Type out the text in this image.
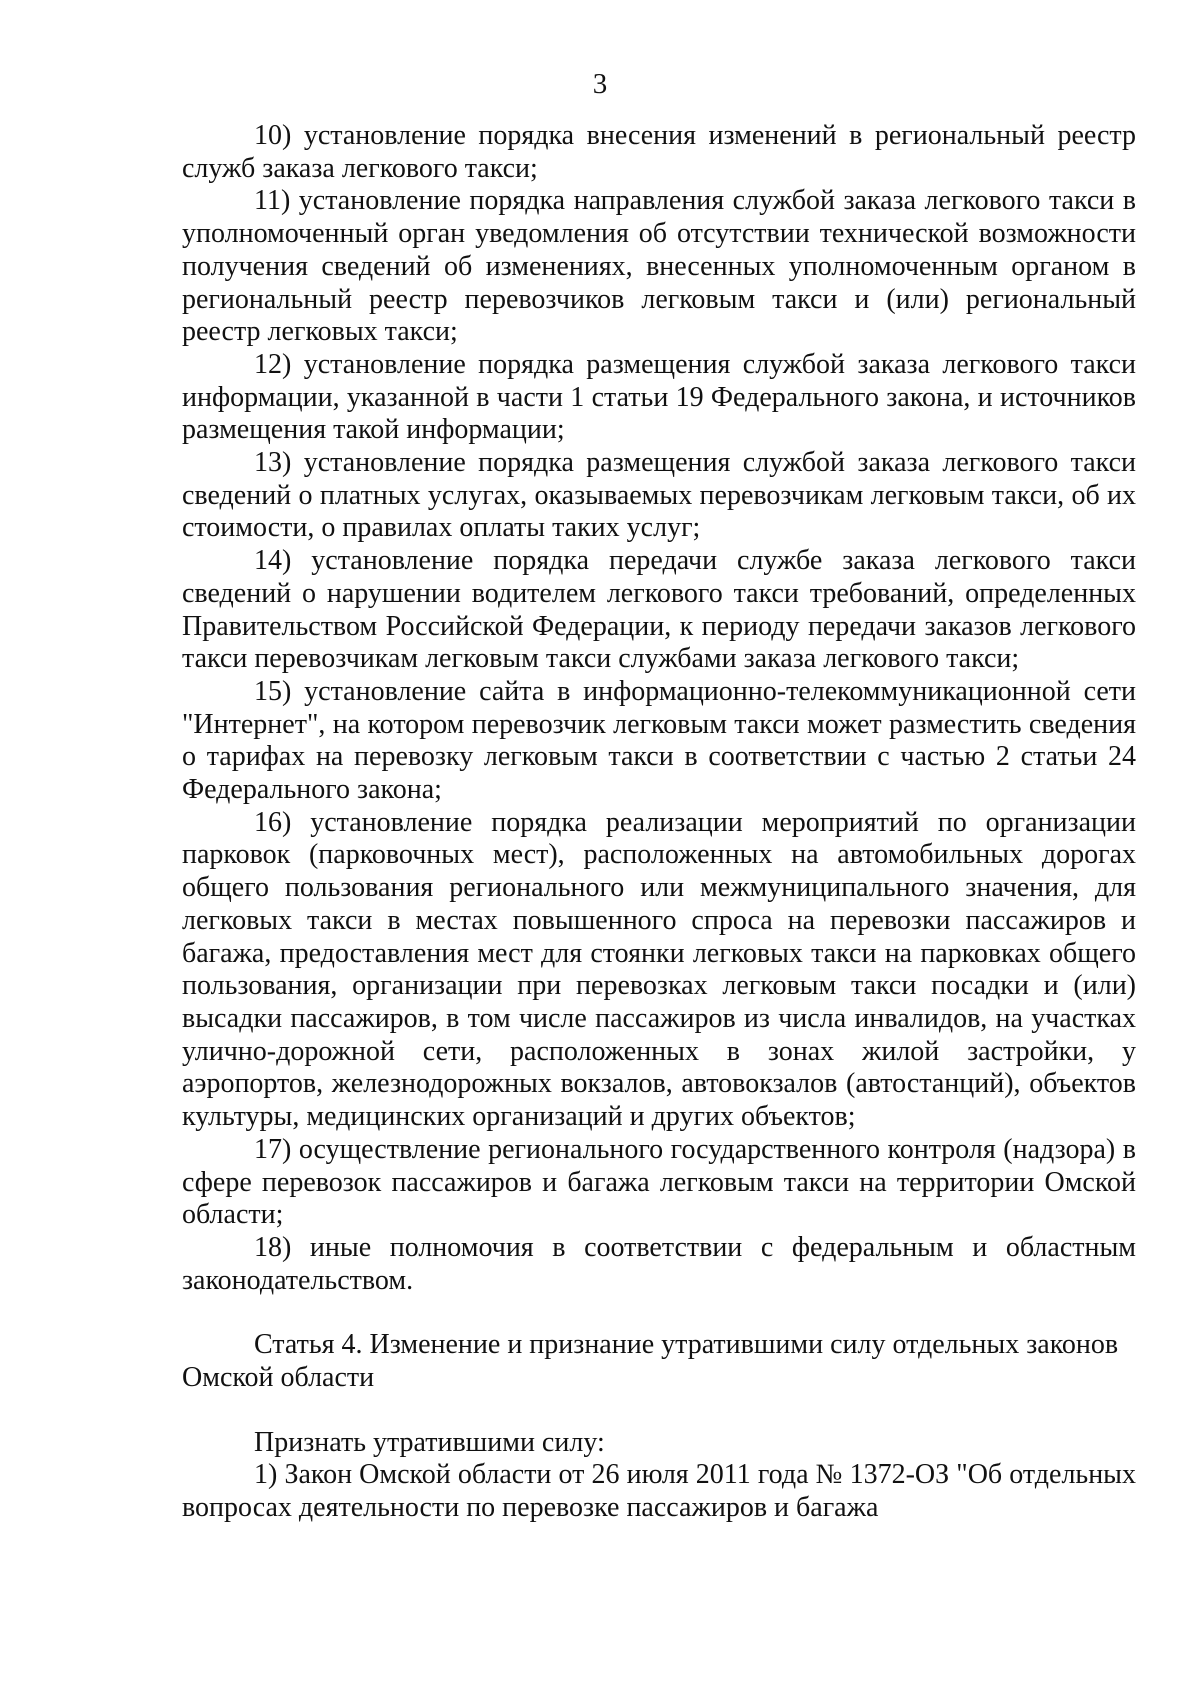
3

10) установление порядка внесения изменений в региональный реестр служб заказа легкового такси;

11) установление порядка направления службой заказа легкового такси в уполномоченный орган уведомления об отсутствии технической возможности получения сведений об изменениях, внесенных уполномоченным органом в региональный реестр перевозчиков легковым такси и (или) региональный реестр легковых такси;

12) установление порядка размещения службой заказа легкового такси информации, указанной в части 1 статьи 19 Федерального закона, и источников размещения такой информации;

13) установление порядка размещения службой заказа легкового такси сведений о платных услугах, оказываемых перевозчикам легковым такси, об их стоимости, о правилах оплаты таких услуг;

14) установление порядка передачи службе заказа легкового такси сведений о нарушении водителем легкового такси требований, определенных Правительством Российской Федерации, к периоду передачи заказов легкового такси перевозчикам легковым такси службами заказа легкового такси;

15) установление сайта в информационно-телекоммуникационной сети "Интернет", на котором перевозчик легковым такси может разместить сведения о тарифах на перевозку легковым такси в соответствии с частью 2 статьи 24 Федерального закона;

16) установление порядка реализации мероприятий по организации парковок (парковочных мест), расположенных на автомобильных дорогах общего пользования регионального или межмуниципального значения, для легковых такси в местах повышенного спроса на перевозки пассажиров и багажа, предоставления мест для стоянки легковых такси на парковках общего пользования, организации при перевозках легковым такси посадки и (или) высадки пассажиров, в том числе пассажиров из числа инвалидов, на участках улично-дорожной сети, расположенных в зонах жилой застройки, у аэропортов, железнодорожных вокзалов, автовокзалов (автостанций), объектов культуры, медицинских организаций и других объектов;

17) осуществление регионального государственного контроля (надзора) в сфере перевозок пассажиров и багажа легковым такси на территории Омской области;

18) иные полномочия в соответствии с федеральным и областным законодательством.

Статья 4. Изменение и признание утратившими силу отдельных законов Омской области

Признать утратившими силу:

1) Закон Омской области от 26 июля 2011 года № 1372-ОЗ "Об отдельных вопросах деятельности по перевозке пассажиров и багажа
